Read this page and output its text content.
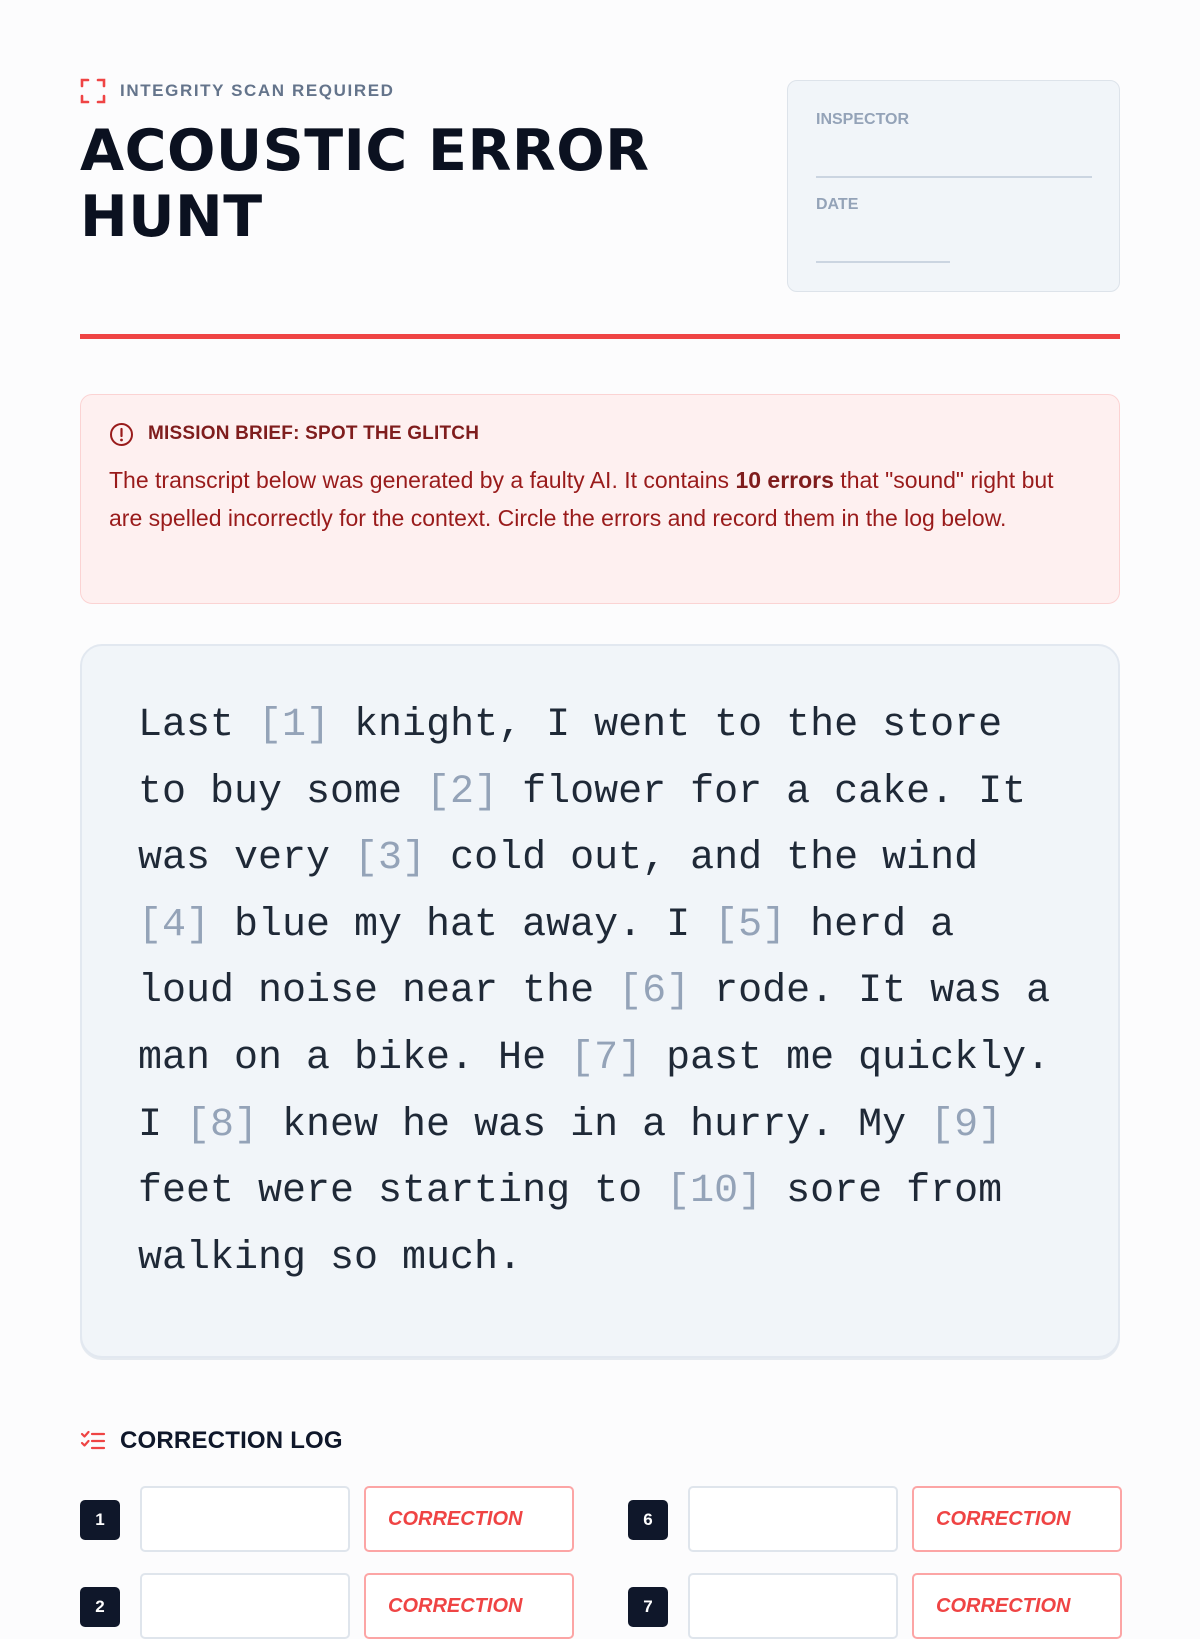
INTEGRITY SCAN REQUIRED
ACOUSTIC ERROR HUNT
INSPECTOR
DATE
MISSION BRIEF: SPOT THE GLITCH

The transcript below was generated by a faulty AI. It contains 10 errors that "sound" right but are spelled incorrectly for the context. Circle the errors and record them in the log below.

Last [1] knight, I went to the store to buy some [2] flower for a cake. It was very [3] cold out, and the wind [4] blue my hat away. I [5] herd a loud noise near the [6] rode. It was a man on a bike. He [7] past me quickly. I [8] knew he was in a hurry. My [9] feet were starting to [10] sore from walking so much.

CORRECTION LOG
1	CORRECTION	6	CORRECTION
2	CORRECTION	7	CORRECTION
